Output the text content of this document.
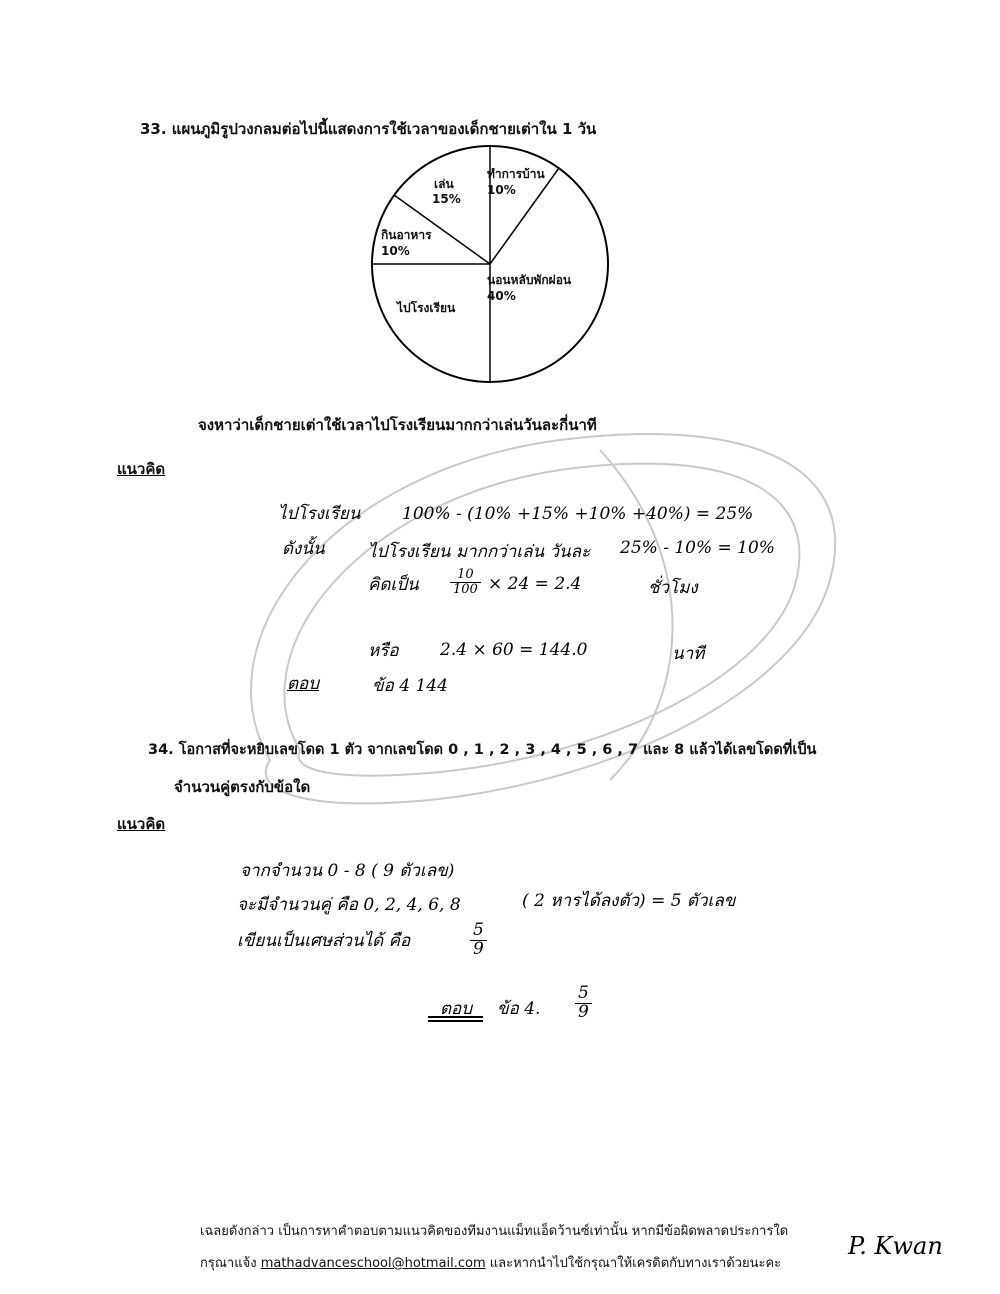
33. แผนภูมิรูปวงกลมต่อไปนี้แสดงการใช้เวลาของเด็กชายเต่าใน 1 วัน
เล่น
15%
ทำการบ้าน
10%
กินอาหาร
10%
นอนหลับพักผ่อน
40%
ไปโรงเรียน
จงหาว่าเด็กชายเต่าใช้เวลาไปโรงเรียนมากกว่าเล่นวันละกี่นาที
แนวคิด
ไปโรงเรียน 100% - (10% +15% +10% +40%) = 25%
ดังนั้น	ไปโรงเรียน มากกว่าเล่น วันละ 25% - 10% = 10%
คิดเป็น $\frac{10}{100} \times 24 = 2.4$	ชั่วโมง
หรือ 2.4 × 60 = 144.0	นาที
ตอบ	ข้อ 4 144
34. โอกาสที่จะหยิบเลขโดด 1 ตัว จากเลขโดด 0 , 1 , 2 , 3 , 4 , 5 , 6 , 7 และ 8 แล้วได้เลขโดดที่เป็น
จำนวนคู่ตรงกับข้อใด
แนวคิด
จากจำนวน 0 - 8 ( 9 ตัวเลข)
จะมีจำนวนคู่ คือ 0, 2, 4, 6, 8	( 2 หารได้ลงตัว) = 5 ตัวเลข
เขียนเป็นเศษส่วนได้ คือ	$\frac{5}{9}$
ตอบ ข้อ 4. $\frac{5}{9}$
เฉลยดังกล่าว เป็นการหาคำตอบตามแนวคิดของทีมงานแม็ทแอ็ดว้านซ์เท่านั้น หากมีข้อผิดพลาดประการใด
กรุณาแจ้ง mathadvanceschool@hotmail.com และหากนำไปใช้กรุณาให้เครดิตกับทางเราด้วยนะคะ
P. Kwan
